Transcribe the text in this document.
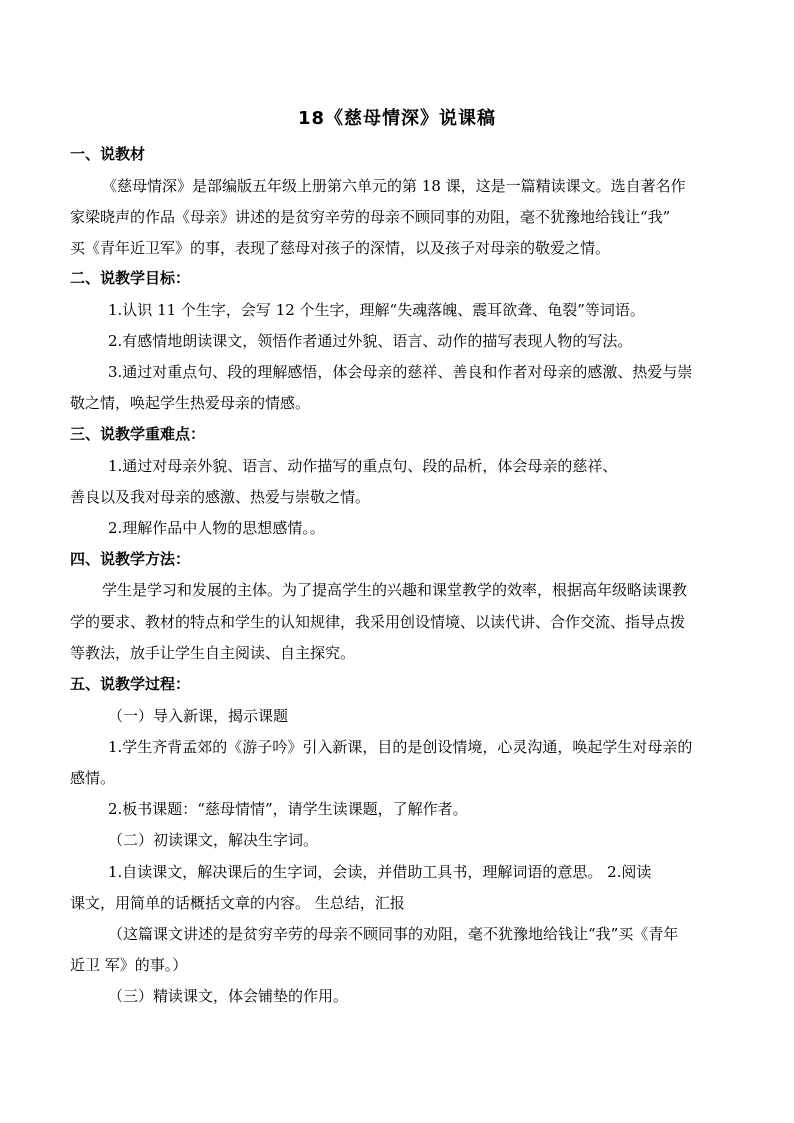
18《慈母情深》说课稿
一、说教材
《慈母情深》是部编版五年级上册第六单元的第 18 课，这是一篇精读课文。选自著名作
家梁晓声的作品《母亲》讲述的是贫穷辛劳的母亲不顾同事的劝阻，毫不犹豫地给钱让“我”
买《青年近卫军》的事，表现了慈母对孩子的深情，以及孩子对母亲的敬爱之情。
二、说教学目标：
1.认识 11 个生字，会写 12 个生字，理解“失魂落魄、震耳欲聋、龟裂”等词语。
2.有感情地朗读课文，领悟作者通过外貌、语言、动作的描写表现人物的写法。
3.通过对重点句、段的理解感悟，体会母亲的慈祥、善良和作者对母亲的感激、热爱与崇
敬之情，唤起学生热爱母亲的情感。
三、说教学重难点：
1.通过对母亲外貌、语言、动作描写的重点句、段的品析，体会母亲的慈祥、
善良以及我对母亲的感激、热爱与崇敬之情。
2.理解作品中人物的思想感情。。
四、说教学方法：
学生是学习和发展的主体。为了提高学生的兴趣和课堂教学的效率，根据高年级略读课教
学的要求、教材的特点和学生的认知规律，我采用创设情境、以读代讲、合作交流、指导点拨
等教法，放手让学生自主阅读、自主探究。
五、说教学过程：
（一）导入新课，揭示课题
1.学生齐背孟郊的《游子吟》引入新课，目的是创设情境，心灵沟通，唤起学生对母亲的
感情。
2.板书课题：“慈母情情”，请学生读课题，了解作者。
（二）初读课文，解决生字词。
1.自读课文，解决课后的生字词，会读，并借助工具书，理解词语的意思。 2.阅读
课文，用简单的话概括文章的内容。 生总结，汇报
（这篇课文讲述的是贫穷辛劳的母亲不顾同事的劝阻，毫不犹豫地给钱让“我”买《青年
近卫 军》的事。）
（三）精读课文，体会铺垫的作用。
